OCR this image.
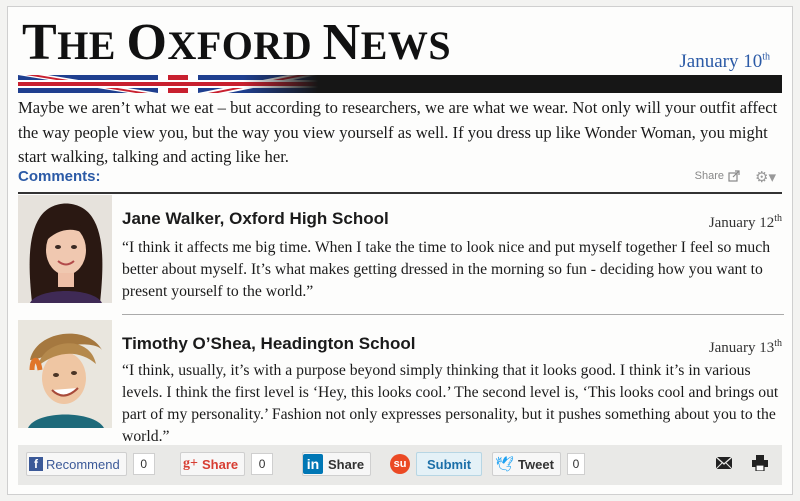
THE OXFORD NEWS	January 10th

Maybe we aren’t what we eat – but according to researchers, we are what we wear. Not only will your outfit affect the way people view you, but the way you view yourself as well. If you dress up like Wonder Woman, you might start walking, talking and acting like her.

Comments:	Share ⚙▾
Jane Walker, Oxford High School	January 12th

“I think it affects me big time. When I take the time to look nice and put myself together I feel so much better about myself. It’s what makes getting dressed in the morning so fun - deciding how you want to present yourself to the world.”

Timothy O’Shea, Headington School	January 13th

“I think, usually, it’s with a purpose beyond simply thinking that it looks good. I think it’s in various levels. I think the first level is ‘Hey, this looks cool.’ The second level is, ‘This looks cool and brings out part of my personality.’ Fashion not only expresses personality, but it pushes something about you to the world.”

f Recommend	0	g+ Share	0	in Share	su Submit 🕊 Tweet	0
